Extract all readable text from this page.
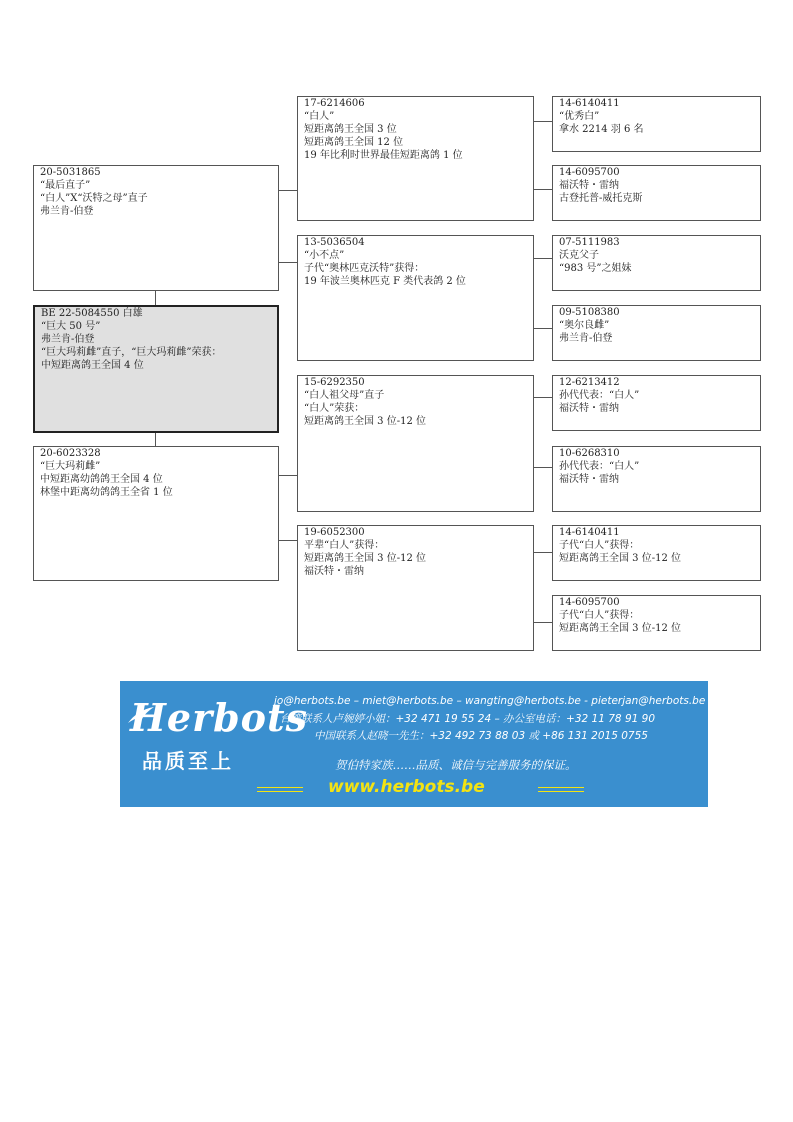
20-5031865
“最后直子”
“白人”X“沃特之母”直子
弗兰肯-伯登
BE 22-5084550 白雄
“巨大 50 号”
弗兰肯-伯登
“巨大玛莉雌”直子，“巨大玛莉雌”荣获：
中短距离鸽王全国 4 位
20-6023328
“巨大玛莉雌”
中短距离幼鸽鸽王全国 4 位
林堡中距离幼鸽鸽王全省 1 位
17-6214606
“白人”
短距离鸽王全国 3 位
短距离鸽王全国 12 位
19 年比利时世界最佳短距离鸽 1 位
13-5036504
“小不点”
子代“奥林匹克沃特”获得：
19 年波兰奥林匹克 F 类代表鸽 2 位
15-6292350
“白人祖父母”直子
“白人”荣获：
短距离鸽王全国 3 位-12 位
19-6052300
平辈“白人”获得：
短距离鸽王全国 3 位-12 位
福沃特・雷纳
14-6140411
“优秀白”
拿水 2214 羽 6 名
14-6095700
福沃特・雷纳
古登托普-威托克斯
07-5111983
沃克父子
“983 号”之姐妹
09-5108380
“奥尔良雌”
弗兰肯-伯登
12-6213412
孙代代表：“白人”
福沃特・雷纳
10-6268310
孙代代表：“白人”
福沃特・雷纳
14-6140411
子代“白人”获得：
短距离鸽王全国 3 位-12 位
14-6095700
子代“白人”获得：
短距离鸽王全国 3 位-12 位
Herbots
品质至上
jo@herbots.be – miet@herbots.be – wangting@herbots.be - pieterjan@herbots.be
台湾联系人卢婉婷小姐：+32 471 19 55 24 – 办公室电话：+32 11 78 91 90
中国联系人赵晓一先生：+32 492 73 88 03 或 +86 131 2015 0755
贺伯特家族……品质、诚信与完善服务的保证。
www.herbots.be
